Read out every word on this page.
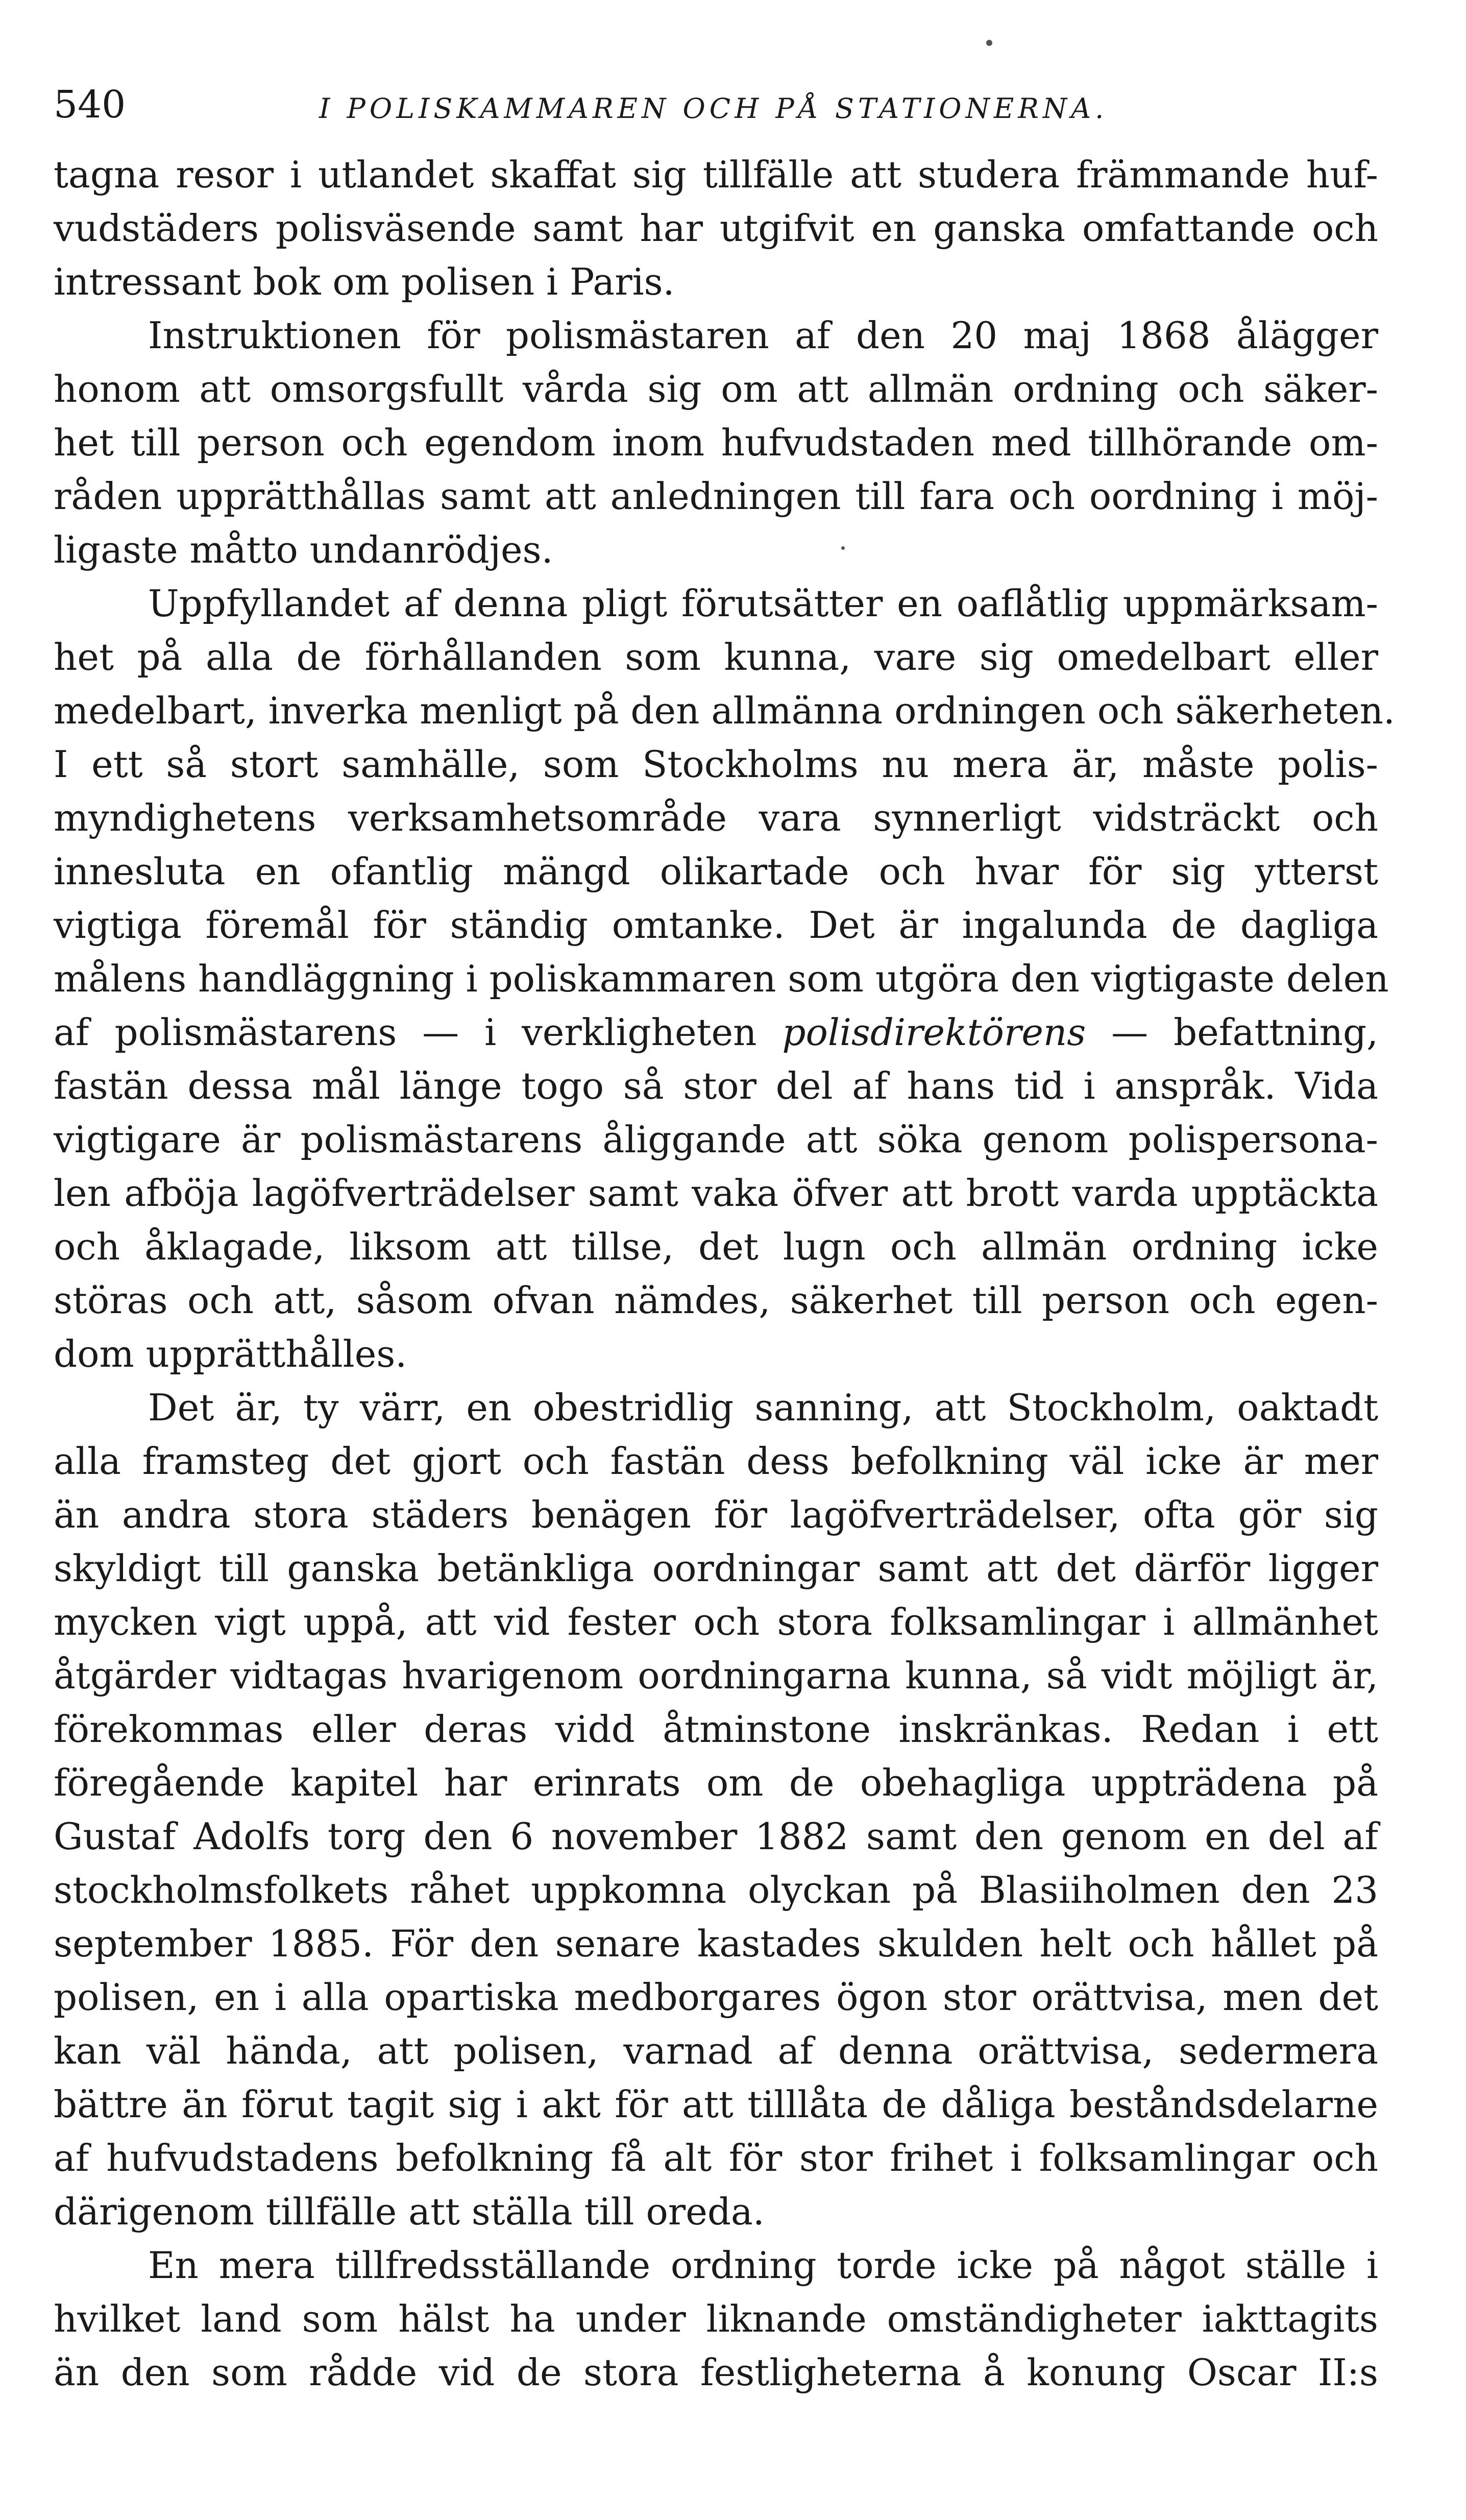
540	I POLISKAMMAREN OCH PÅ STATIONERNA.
tagna resor i utlandet skaffat sig tillfälle att studera främmande huf-
vudstäders polisväsende samt har utgifvit en ganska omfattande och
intressant bok om polisen i Paris.
Instruktionen för polismästaren af den 20 maj 1868 ålägger
honom att omsorgsfullt vårda sig om att allmän ordning och säker-
het till person och egendom inom hufvudstaden med tillhörande om-
råden upprätthållas samt att anledningen till fara och oordning i möj-
ligaste måtto undanrödjes.
Uppfyllandet af denna pligt förutsätter en oaflåtlig uppmärksam-
het på alla de förhållanden som kunna, vare sig omedelbart eller
medelbart, inverka menligt på den allmänna ordningen och säkerheten.
I ett så stort samhälle, som Stockholms nu mera är, måste polis-
myndighetens verksamhetsområde vara synnerligt vidsträckt och
innesluta en ofantlig mängd olikartade och hvar för sig ytterst
vigtiga föremål för ständig omtanke. Det är ingalunda de dagliga
målens handläggning i poliskammaren som utgöra den vigtigaste delen
af polismästarens — i verkligheten polisdirektörens — befattning,
fastän dessa mål länge togo så stor del af hans tid i anspråk. Vida
vigtigare är polismästarens åliggande att söka genom polispersona-
len afböja lagöfverträdelser samt vaka öfver att brott varda upptäckta
och åklagade, liksom att tillse, det lugn och allmän ordning icke
störas och att, såsom ofvan nämdes, säkerhet till person och egen-
dom upprätthålles.
Det är, ty värr, en obestridlig sanning, att Stockholm, oaktadt
alla framsteg det gjort och fastän dess befolkning väl icke är mer
än andra stora städers benägen för lagöfverträdelser, ofta gör sig
skyldigt till ganska betänkliga oordningar samt att det därför ligger
mycken vigt uppå, att vid fester och stora folksamlingar i allmänhet
åtgärder vidtagas hvarigenom oordningarna kunna, så vidt möjligt är,
förekommas eller deras vidd åtminstone inskränkas. Redan i ett
föregående kapitel har erinrats om de obehagliga uppträdena på
Gustaf Adolfs torg den 6 november 1882 samt den genom en del af
stockholmsfolkets råhet uppkomna olyckan på Blasiiholmen den 23
september 1885. För den senare kastades skulden helt och hållet på
polisen, en i alla opartiska medborgares ögon stor orättvisa, men det
kan väl hända, att polisen, varnad af denna orättvisa, sedermera
bättre än förut tagit sig i akt för att tilllåta de dåliga beståndsdelarne
af hufvudstadens befolkning få alt för stor frihet i folksamlingar och
därigenom tillfälle att ställa till oreda.
En mera tillfredsställande ordning torde icke på något ställe i
hvilket land som hälst ha under liknande omständigheter iakttagits
än den som rådde vid de stora festligheterna å konung Oscar II:s
